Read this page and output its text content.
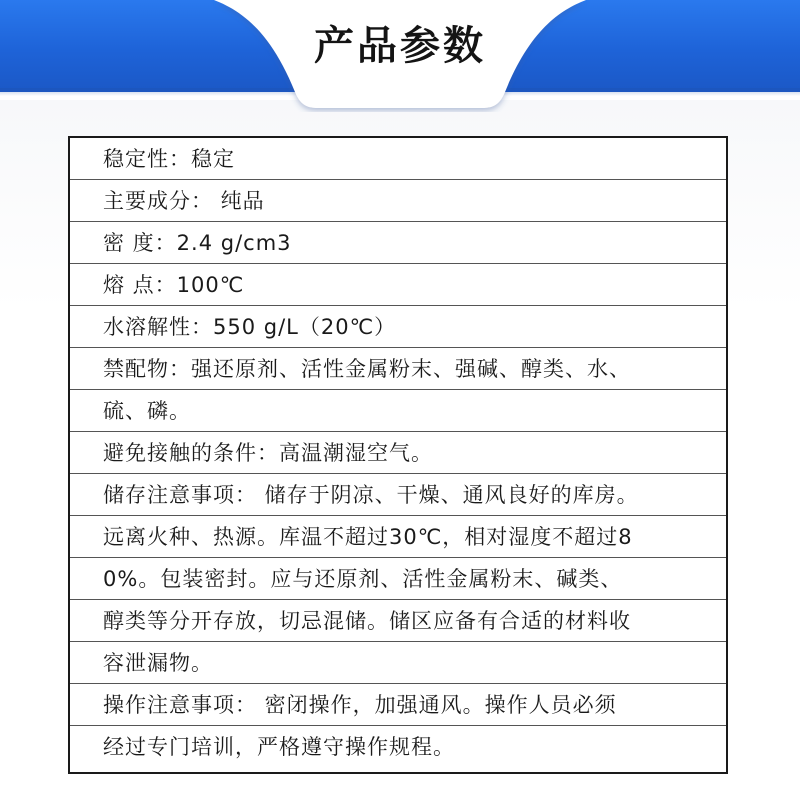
产品参数
稳定性：稳定
主要成分： 纯品
密 度：2.4 g/cm3
熔 点：100℃
水溶解性：550 g/L（20℃）
禁配物：强还原剂、活性金属粉末、强碱、醇类、水、
硫、磷。
避免接触的条件：高温潮湿空气。
储存注意事项： 储存于阴凉、干燥、通风良好的库房。
远离火种、热源。库温不超过30℃，相对湿度不超过8
0%。包装密封。应与还原剂、活性金属粉末、碱类、
醇类等分开存放，切忌混储。储区应备有合适的材料收
容泄漏物。
操作注意事项： 密闭操作，加强通风。操作人员必须
经过专门培训，严格遵守操作规程。
